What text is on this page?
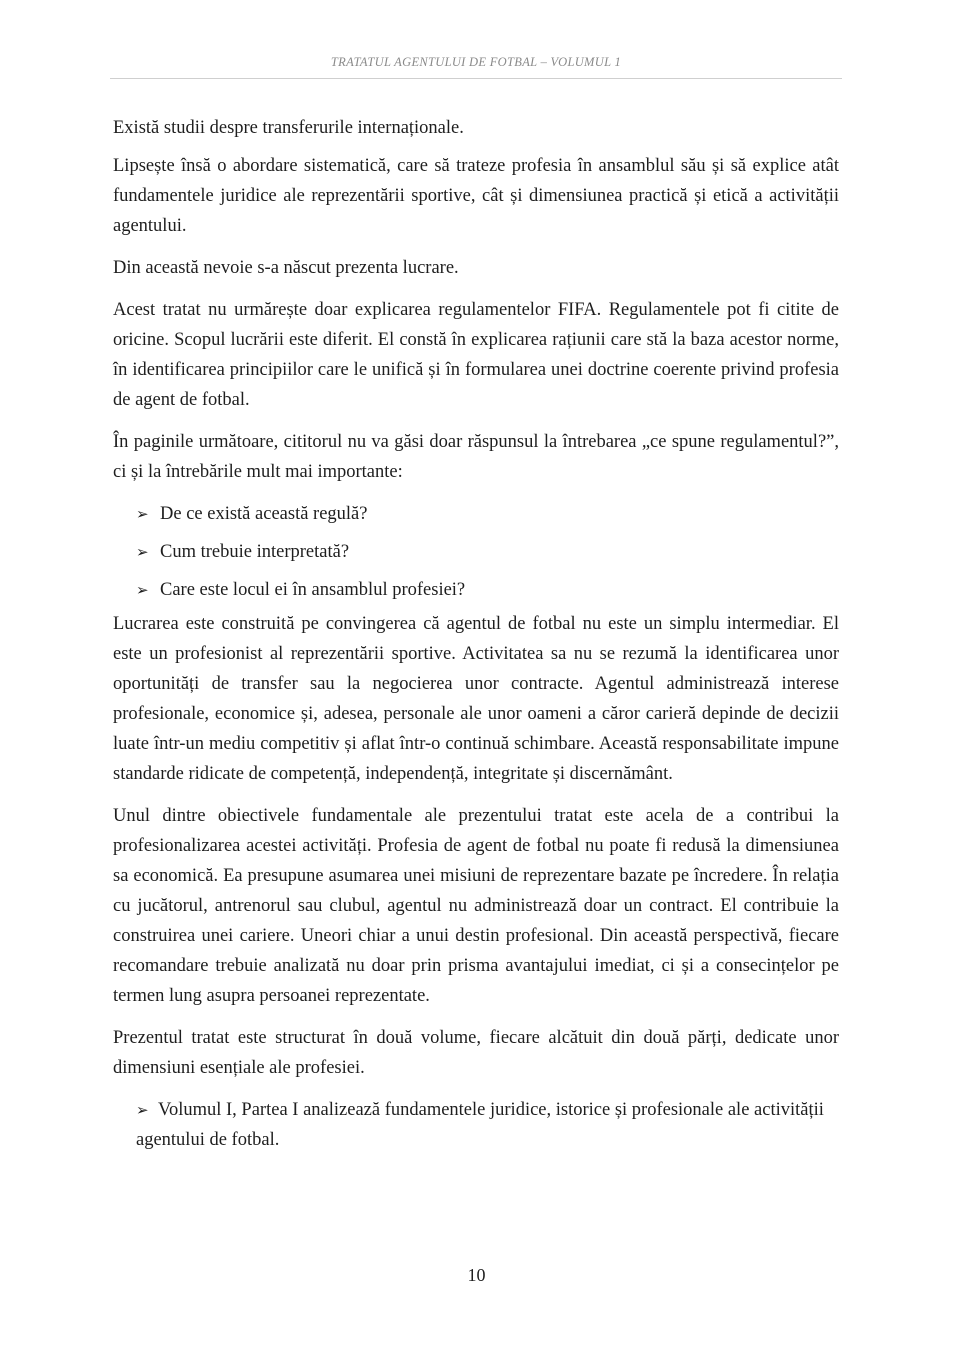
TRATATUL AGENTULUI DE FOTBAL – VOLUMUL 1

Există studii despre transferurile internaționale.

Lipsește însă o abordare sistematică, care să trateze profesia în ansamblul său și să explice atât fundamentele juridice ale reprezentării sportive, cât și dimensiunea practică și etică a activității agentului.

Din această nevoie s-a născut prezenta lucrare.

Acest tratat nu urmărește doar explicarea regulamentelor FIFA. Regulamentele pot fi citite de oricine. Scopul lucrării este diferit. El constă în explicarea rațiunii care stă la baza acestor norme, în identificarea principiilor care le unifică și în formularea unei doctrine coerente privind profesia de agent de fotbal.

În paginile următoare, cititorul nu va găsi doar răspunsul la întrebarea „ce spune regulamentul?”, ci și la întrebările mult mai importante:

➢ De ce există această regulă?
➢ Cum trebuie interpretată?
➢ Care este locul ei în ansamblul profesiei?

Lucrarea este construită pe convingerea că agentul de fotbal nu este un simplu intermediar. El este un profesionist al reprezentării sportive. Activitatea sa nu se rezumă la identificarea unor oportunități de transfer sau la negocierea unor contracte. Agentul administrează interese profesionale, economice și, adesea, personale ale unor oameni a căror carieră depinde de decizii luate într-un mediu competitiv și aflat într-o continuă schimbare. Această responsabilitate impune standarde ridicate de competență, independență, integritate și discernământ.

Unul dintre obiectivele fundamentale ale prezentului tratat este acela de a contribui la profesionalizarea acestei activități. Profesia de agent de fotbal nu poate fi redusă la dimensiunea sa economică. Ea presupune asumarea unei misiuni de reprezentare bazate pe încredere. În relația cu jucătorul, antrenorul sau clubul, agentul nu administrează doar un contract. El contribuie la construirea unei cariere. Uneori chiar a unui destin profesional. Din această perspectivă, fiecare recomandare trebuie analizată nu doar prin prisma avantajului imediat, ci și a consecințelor pe termen lung asupra persoanei reprezentate.

Prezentul tratat este structurat în două volume, fiecare alcătuit din două părți, dedicate unor dimensiuni esențiale ale profesiei.

➢ Volumul I, Partea I analizează fundamentele juridice, istorice și profesionale ale activității agentului de fotbal.
10
